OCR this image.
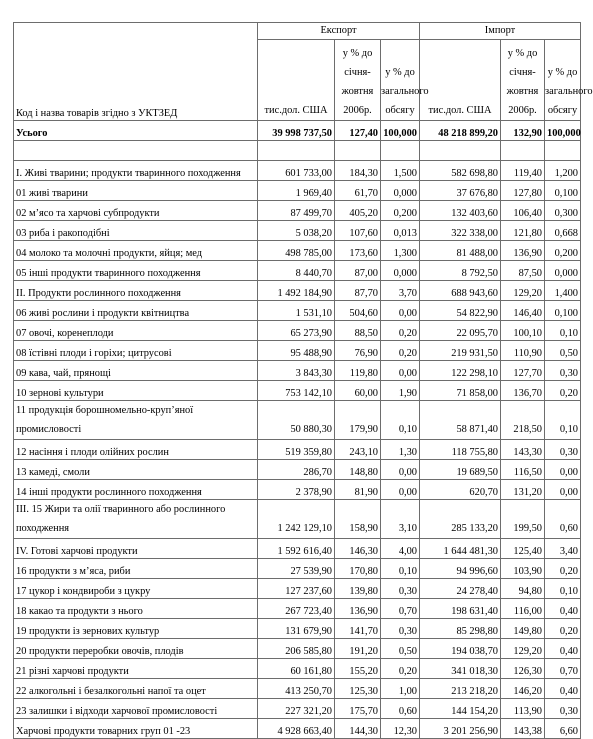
Код і назва товарів згідно з УКТЗЕД	Експорт			Імпорт		
	тис.дол. США	у % до січня-жовтня 2006р.	у % до загального обсягу	тис.дол. США	у % до січня-жовтня 2006р.	у % до загального обсягу
Усього	39 998 737,50	127,40	100,000	48 218 899,20	132,90	100,000

I. Живі тварини; продукти тваринного походження	601 733,00	184,30	1,500	582 698,80	119,40	1,200
01 живі тварини	1 969,40	61,70	0,000	37 676,80	127,80	0,100
02 м’ясо та харчові субпродукти	87 499,70	405,20	0,200	132 403,60	106,40	0,300
03 риба і ракоподібні	5 038,20	107,60	0,013	322 338,00	121,80	0,668
04 молоко та молочні продукти, яйця; мед	498 785,00	173,60	1,300	81 488,00	136,90	0,200
05 інші продукти тваринного походження	8 440,70	87,00	0,000	8 792,50	87,50	0,000
II. Продукти рослинного походження	1 492 184,90	87,70	3,70	688 943,60	129,20	1,400
06 живі рослини і продукти квітництва	1 531,10	504,60	0,00	54 822,90	146,40	0,100
07 овочі, коренеплоди	65 273,90	88,50	0,20	22 095,70	100,10	0,10
08 їстівні плоди і горіхи; цитрусові	95 488,90	76,90	0,20	219 931,50	110,90	0,50
09 кава, чай, прянощі	3 843,30	119,80	0,00	122 298,10	127,70	0,30
10 зернові культури	753 142,10	60,00	1,90	71 858,00	136,70	0,20
11 продукція борошномельно-круп’яної промисловості	50 880,30	179,90	0,10	58 871,40	218,50	0,10
12 насіння і плоди олійних рослин	519 359,80	243,10	1,30	118 755,80	143,30	0,30
13 камеді, смоли	286,70	148,80	0,00	19 689,50	116,50	0,00
14 інші продукти рослинного походження	2 378,90	81,90	0,00	620,70	131,20	0,00
III. 15 Жири та олії тваринного або рослинного походження	1 242 129,10	158,90	3,10	285 133,20	199,50	0,60
IV. Готові харчові продукти	1 592 616,40	146,30	4,00	1 644 481,30	125,40	3,40
16 продукти з м’яса, риби	27 539,90	170,80	0,10	94 996,60	103,90	0,20
17 цукор і кондвироби з цукру	127 237,60	139,80	0,30	24 278,40	94,80	0,10
18 какао та продукти з нього	267 723,40	136,90	0,70	198 631,40	116,00	0,40
19 продукти із зернових культур	131 679,90	141,70	0,30	85 298,80	149,80	0,20
20 продукти переробки овочів, плодів	206 585,80	191,20	0,50	194 038,70	129,20	0,40
21 різні харчові продукти	60 161,80	155,20	0,20	341 018,30	126,30	0,70
22 алкогольні і безалкогольні напої та оцет	413 250,70	125,30	1,00	213 218,20	146,20	0,40
23 залишки і відходи харчової промисловості	227 321,20	175,70	0,60	144 154,20	113,90	0,30
Харчові продукти товарних груп 01 -23	4 928 663,40	144,30	12,30	3 201 256,90	143,38	6,60
